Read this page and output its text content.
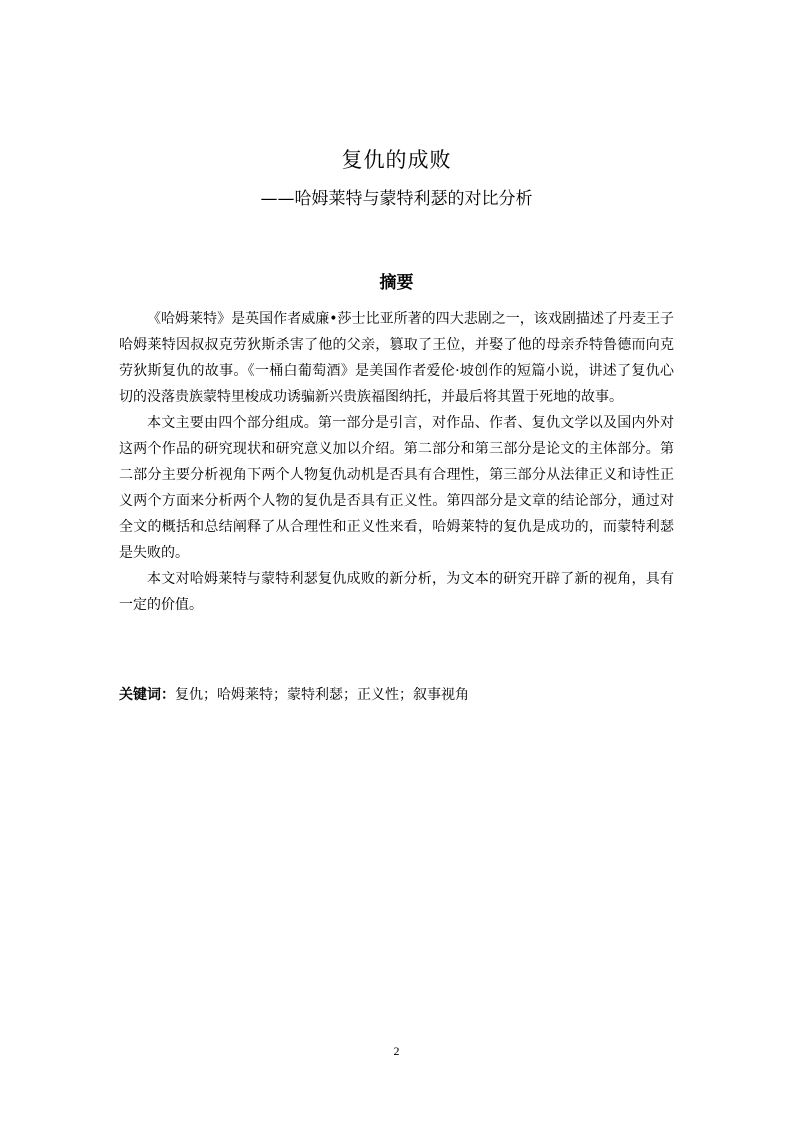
复仇的成败
——哈姆莱特与蒙特利瑟的对比分析
摘要

《哈姆莱特》是英国作者威廉•莎士比亚所著的四大悲剧之一，该戏剧描述了丹麦王子哈姆莱特因叔叔克劳狄斯杀害了他的父亲，篡取了王位，并娶了他的母亲乔特鲁德而向克劳狄斯复仇的故事。《一桶白葡萄酒》是美国作者爱伦·坡创作的短篇小说，讲述了复仇心切的没落贵族蒙特里梭成功诱骗新兴贵族福图纳托，并最后将其置于死地的故事。

本文主要由四个部分组成。第一部分是引言，对作品、作者、复仇文学以及国内外对这两个作品的研究现状和研究意义加以介绍。第二部分和第三部分是论文的主体部分。第二部分主要分析视角下两个人物复仇动机是否具有合理性，第三部分从法律正义和诗性正义两个方面来分析两个人物的复仇是否具有正义性。第四部分是文章的结论部分，通过对全文的概括和总结阐释了从合理性和正义性来看，哈姆莱特的复仇是成功的，而蒙特利瑟是失败的。

本文对哈姆莱特与蒙特利瑟复仇成败的新分析，为文本的研究开辟了新的视角，具有一定的价值。

关键词：复仇；哈姆莱特；蒙特利瑟；正义性；叙事视角
2
